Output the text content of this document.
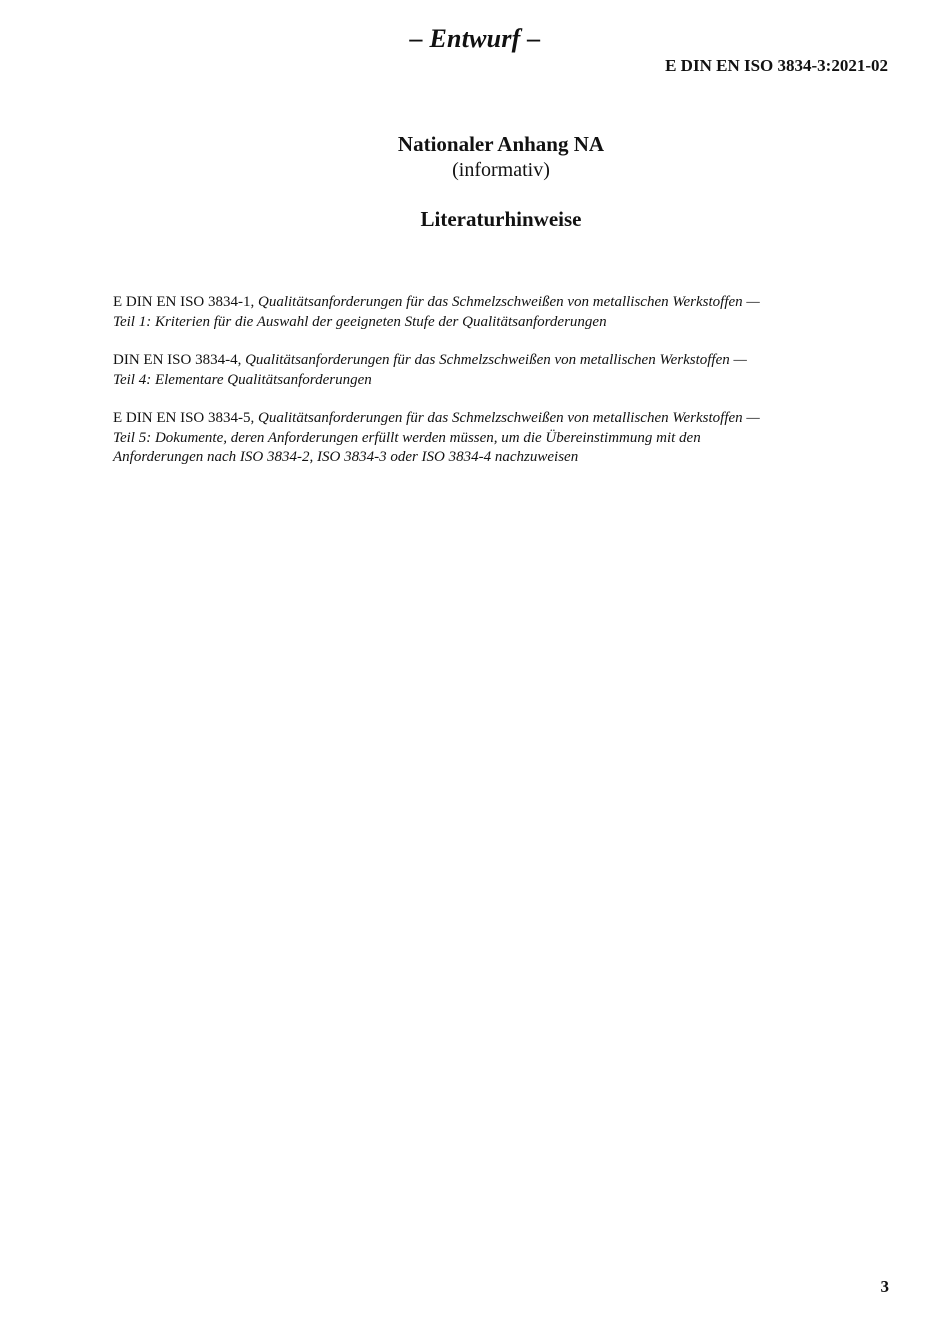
– Entwurf –
E DIN EN ISO 3834-3:2021-02
Nationaler Anhang NA
(informativ)
Literaturhinweise

E DIN EN ISO 3834-1, Qualitätsanforderungen für das Schmelzschweißen von metallischen Werkstoffen —
Teil 1: Kriterien für die Auswahl der geeigneten Stufe der Qualitätsanforderungen

DIN EN ISO 3834-4, Qualitätsanforderungen für das Schmelzschweißen von metallischen Werkstoffen —
Teil 4: Elementare Qualitätsanforderungen

E DIN EN ISO 3834-5, Qualitätsanforderungen für das Schmelzschweißen von metallischen Werkstoffen —
Teil 5: Dokumente, deren Anforderungen erfüllt werden müssen, um die Übereinstimmung mit den
Anforderungen nach ISO 3834-2, ISO 3834-3 oder ISO 3834-4 nachzuweisen

3
